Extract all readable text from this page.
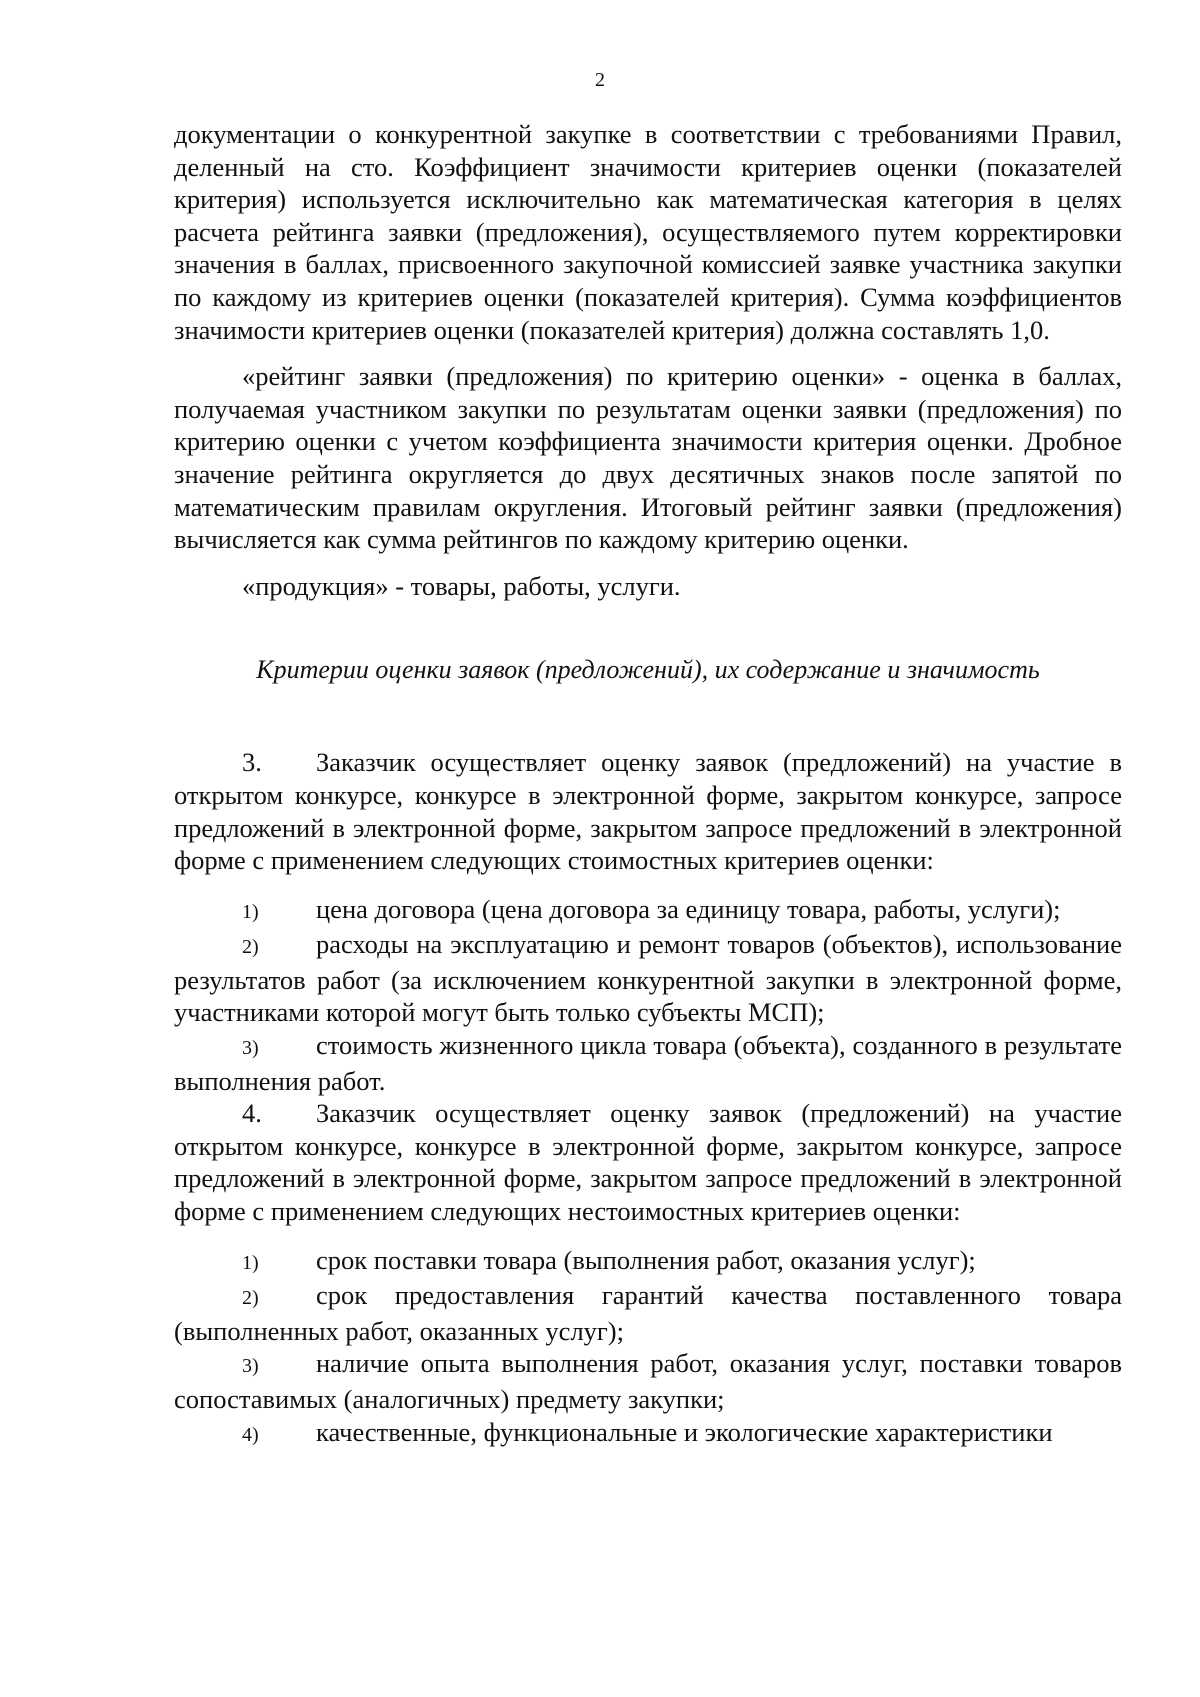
2

документации о конкурентной закупке в соответствии с требованиями Правил, деленный на сто. Коэффициент значимости критериев оценки (показателей критерия) используется исключительно как математическая категория в целях расчета рейтинга заявки (предложения), осуществляемого путем корректировки значения в баллах, присвоенного закупочной комиссией заявке участника закупки по каждому из критериев оценки (показателей критерия). Сумма коэффициентов значимости критериев оценки (показателей критерия) должна составлять 1,0.

«рейтинг заявки (предложения) по критерию оценки» - оценка в баллах, получаемая участником закупки по результатам оценки заявки (предложения) по критерию оценки с учетом коэффициента значимости критерия оценки. Дробное значение рейтинга округляется до двух десятичных знаков после запятой по математическим правилам округления. Итоговый рейтинг заявки (предложения) вычисляется как сумма рейтингов по каждому критерию оценки.

«продукция» - товары, работы, услуги.

Критерии оценки заявок (предложений), их содержание и значимость

3. Заказчик осуществляет оценку заявок (предложений) на участие в открытом конкурсе, конкурсе в электронной форме, закрытом конкурсе, запросе предложений в электронной форме, закрытом запросе предложений в электронной форме с применением следующих стоимостных критериев оценки:

1) цена договора (цена договора за единицу товара, работы, услуги);

2) расходы на эксплуатацию и ремонт товаров (объектов), использование результатов работ (за исключением конкурентной закупки в электронной форме, участниками которой могут быть только субъекты МСП);

3) стоимость жизненного цикла товара (объекта), созданного в результате выполнения работ.

4. Заказчик осуществляет оценку заявок (предложений) на участие открытом конкурсе, конкурсе в электронной форме, закрытом конкурсе, запросе предложений в электронной форме, закрытом запросе предложений в электронной форме с применением следующих нестоимостных критериев оценки:

1) срок поставки товара (выполнения работ, оказания услуг);

2) срок предоставления гарантий качества поставленного товара (выполненных работ, оказанных услуг);

3) наличие опыта выполнения работ, оказания услуг, поставки товаров сопоставимых (аналогичных) предмету закупки;

4) качественные, функциональные и экологические характеристики
